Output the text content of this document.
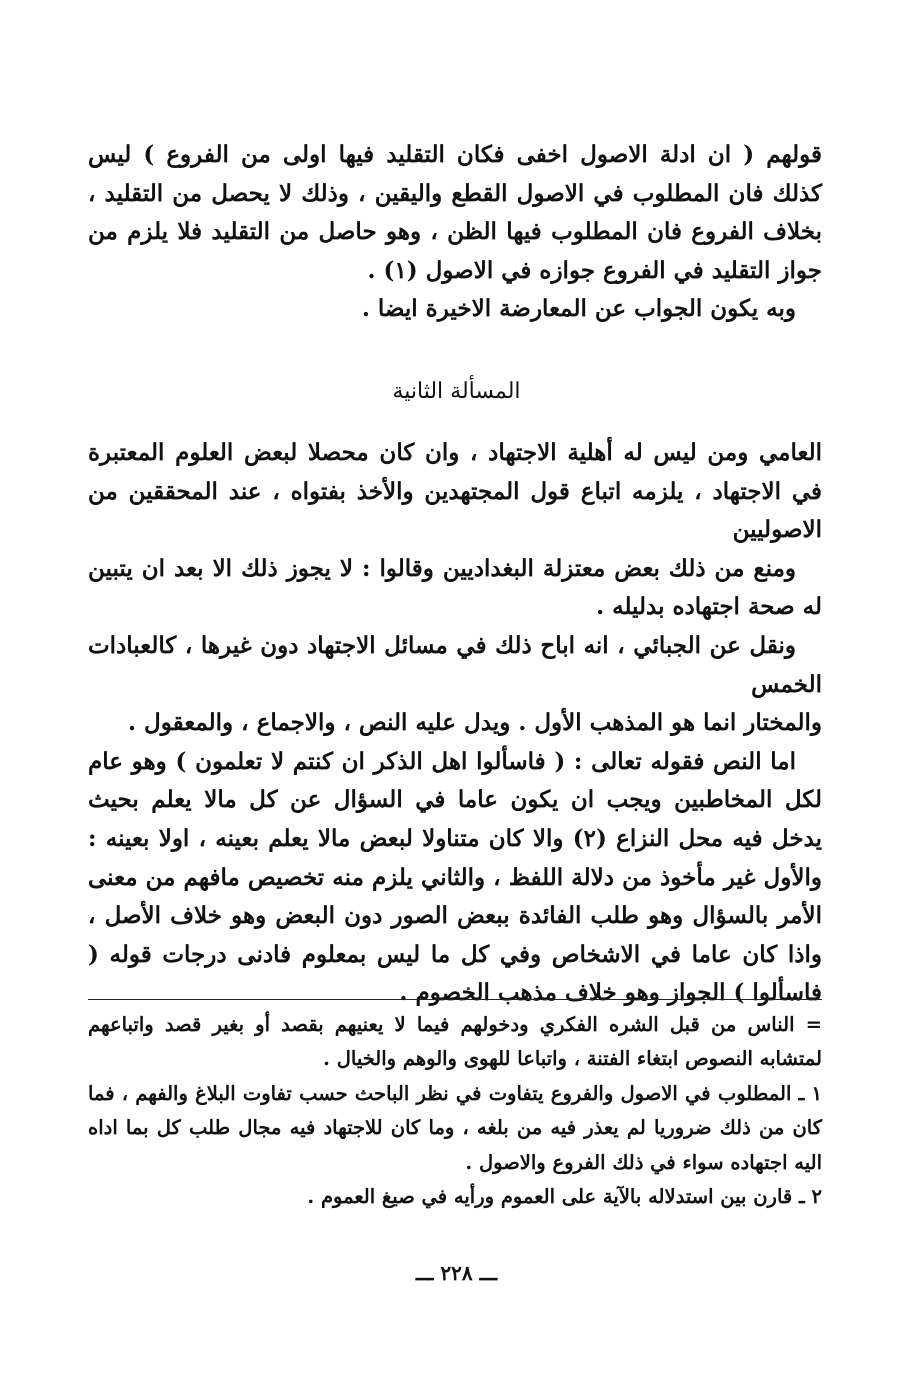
قولهم ( ان ادلة الاصول اخفى فكان التقليد فيها اولى من الفروع ) ليس كذلك فان المطلوب في الاصول القطع واليقين ، وذلك لا يحصل من التقليد ، بخلاف الفروع فان المطلوب فيها الظن ، وهو حاصل من التقليد فلا يلزم من جواز التقليد في الفروع جوازه في الاصول (١) .

وبه يكون الجواب عن المعارضة الاخيرة ايضا .

المسألة الثانية

العامي ومن ليس له أهلية الاجتهاد ، وان كان محصلا لبعض العلوم المعتبرة في الاجتهاد ، يلزمه اتباع قول المجتهدين والأخذ بفتواه ، عند المحققين من الاصوليين

ومنع من ذلك بعض معتزلة البغداديين وقالوا : لا يجوز ذلك الا بعد ان يتبين له صحة اجتهاده بدليله .

ونقل عن الجبائي ، انه اباح ذلك في مسائل الاجتهاد دون غيرها ، كالعبادات الخمس

والمختار انما هو المذهب الأول . ويدل عليه النص ، والاجماع ، والمعقول .

اما النص فقوله تعالى : ( فاسألوا اهل الذكر ان كنتم لا تعلمون ) وهو عام لكل المخاطبين ويجب ان يكون عاما في السؤال عن كل مالا يعلم بحيث يدخل فيه محل النزاع (٢) والا كان متناولا لبعض مالا يعلم بعينه ، اولا بعينه : والأول غير مأخوذ من دلالة اللفظ ، والثاني يلزم منه تخصيص مافهم من معنى الأمر بالسؤال وهو طلب الفائدة ببعض الصور دون البعض وهو خلاف الأصل ، واذا كان عاما في الاشخاص وفي كل ما ليس بمعلوم فادنى درجات قوله ( فاسألوا ) الجواز وهو خلاف مذهب الخصوم .

= الناس من قبل الشره الفكري ودخولهم فيما لا يعنيهم بقصد أو بغير قصد واتباعهم لمتشابه النصوص ابتغاء الفتنة ، واتباعا للهوى والوهم والخيال .

١ ـ المطلوب في الاصول والفروع يتفاوت في نظر الباحث حسب تفاوت البلاغ والفهم ، فما كان من ذلك ضروريا لم يعذر فيه من بلغه ، وما كان للاجتهاد فيه مجال طلب كل بما اداه اليه اجتهاده سواء في ذلك الفروع والاصول .

٢ ـ قارن بين استدلاله بالآية على العموم ورأيه في صيغ العموم .

ـــ ٢٢٨ ـــ
